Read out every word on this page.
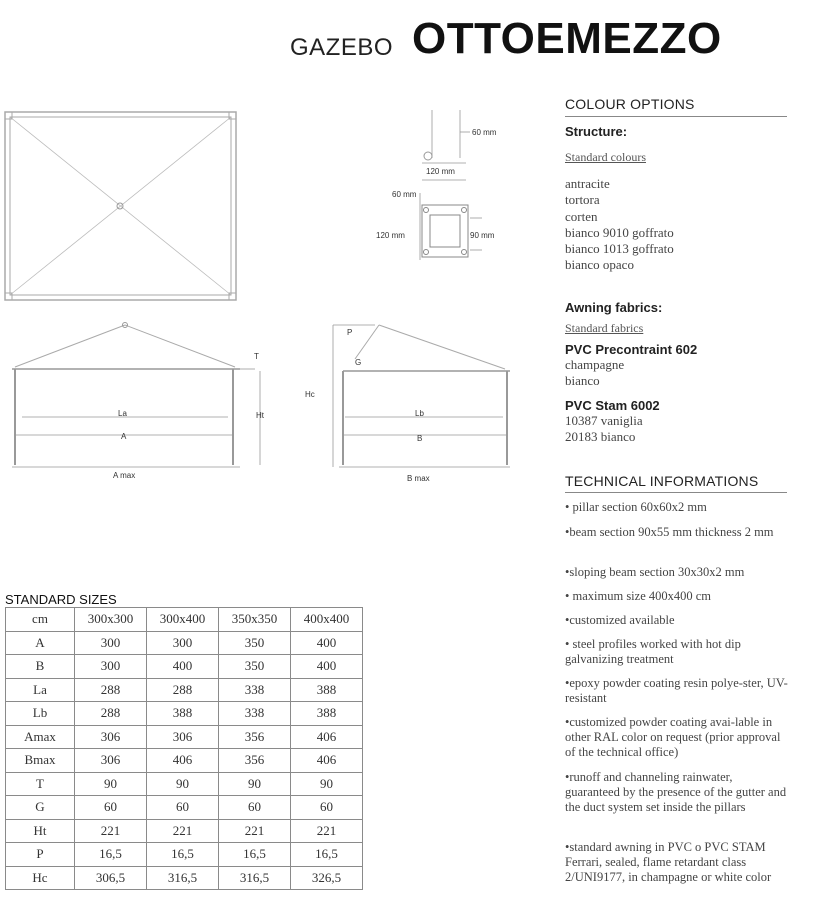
GAZEBO OTTOEMEZZO
60 mm
120 mm
60 mm
120 mm	90 mm
T
Ht
La
A
A max
P
G
Hc
Lb
B
B max
COLOUR OPTIONS
Structure:
Standard colours
antracite
tortora
corten
bianco 9010 goffrato
bianco 1013 goffrato
bianco opaco
Awning fabrics:
Standard fabrics
PVC Precontraint 602
champagne
bianco
PVC Stam 6002
10387 vaniglia
20183 bianco
TECHNICAL INFORMATIONS
• pillar section 60x60x2 mm
•beam section 90x55 mm thickness 2 mm
•sloping beam section 30x30x2 mm
• maximum size 400x400 cm
•customized available
• steel profiles worked with hot dip galvanizing treatment
•epoxy powder coating resin polye-ster, UV-resistant
•customized powder coating avai-lable in other RAL color on request (prior approval of the technical office)
•runoff and channeling rainwater, guaranteed by the presence of the gutter and the duct system set inside the pillars
•standard awning in PVC o PVC STAM Ferrari, sealed, flame retardant class 2/UNI9177, in champagne or white color
STANDARD SIZES
cm	300x300	300x400	350x350	400x400
A	300	300	350	400
B	300	400	350	400
La	288	288	338	388
Lb	288	388	338	388
Amax	306	306	356	406
Bmax	306	406	356	406
T	90	90	90	90
G	60	60	60	60
Ht	221	221	221	221
P	16,5	16,5	16,5	16,5
Hc	306,5	316,5	316,5	326,5
